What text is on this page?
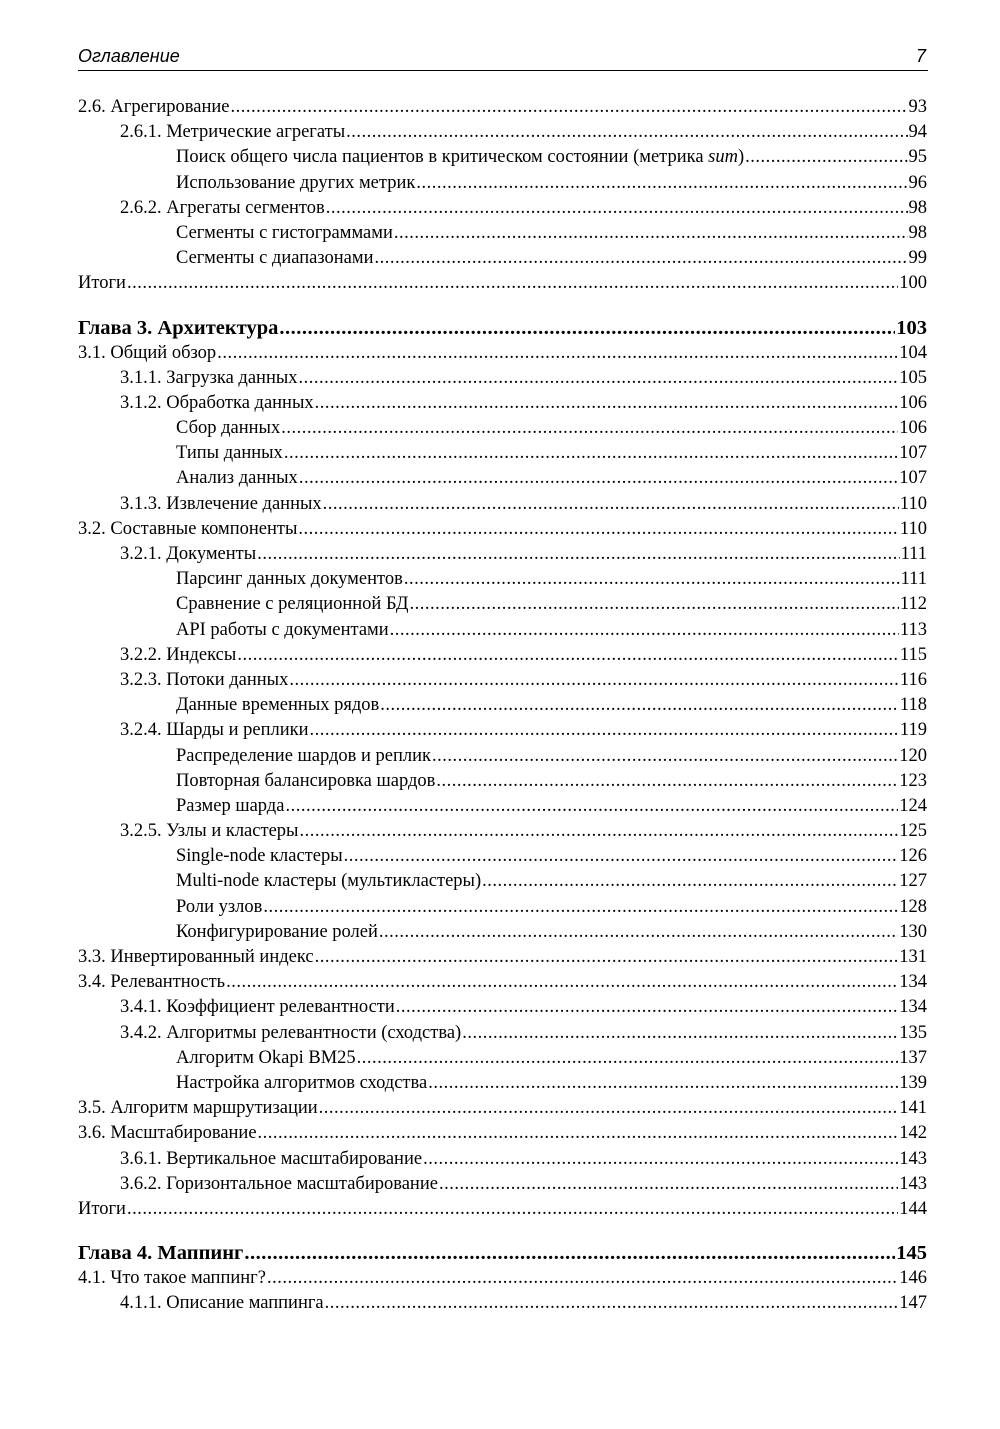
Оглавление	7
2.6. Агрегирование .....	93
2.6.1. Метрические агрегаты .....	94
Поиск общего числа пациентов в критическом состоянии (метрика sum) .....	95
Использование других метрик .....	96
2.6.2. Агрегаты сегментов .....	98
Сегменты с гистограммами .....	98
Сегменты с диапазонами .....	99
Итоги .....	100
Глава 3. Архитектура .....	103
3.1. Общий обзор .....	104
3.1.1. Загрузка данных .....	105
3.1.2. Обработка данных .....	106
Сбор данных .....	106
Типы данных .....	107
Анализ данных .....	107
3.1.3. Извлечение данных .....	110
3.2. Составные компоненты .....	110
3.2.1. Документы .....	111
Парсинг данных документов .....	111
Сравнение с реляционной БД .....	112
API работы с документами .....	113
3.2.2. Индексы .....	115
3.2.3. Потоки данных .....	116
Данные временных рядов .....	118
3.2.4. Шарды и реплики .....	119
Распределение шардов и реплик .....	120
Повторная балансировка шардов .....	123
Размер шарда .....	124
3.2.5. Узлы и кластеры .....	125
Single-node кластеры .....	126
Multi-node кластеры (мультикластеры) .....	127
Роли узлов .....	128
Конфигурирование ролей .....	130
3.3. Инвертированный индекс .....	131
3.4. Релевантность .....	134
3.4.1. Коэффициент релевантности .....	134
3.4.2. Алгоритмы релевантности (сходства) .....	135
Алгоритм Okapi BM25 .....	137
Настройка алгоритмов сходства .....	139
3.5. Алгоритм маршрутизации .....	141
3.6. Масштабирование .....	142
3.6.1. Вертикальное масштабирование .....	143
3.6.2. Горизонтальное масштабирование .....	143
Итоги .....	144
Глава 4. Маппинг .....	145
4.1. Что такое маппинг? .....	146
4.1.1. Описание маппинга .....	147
